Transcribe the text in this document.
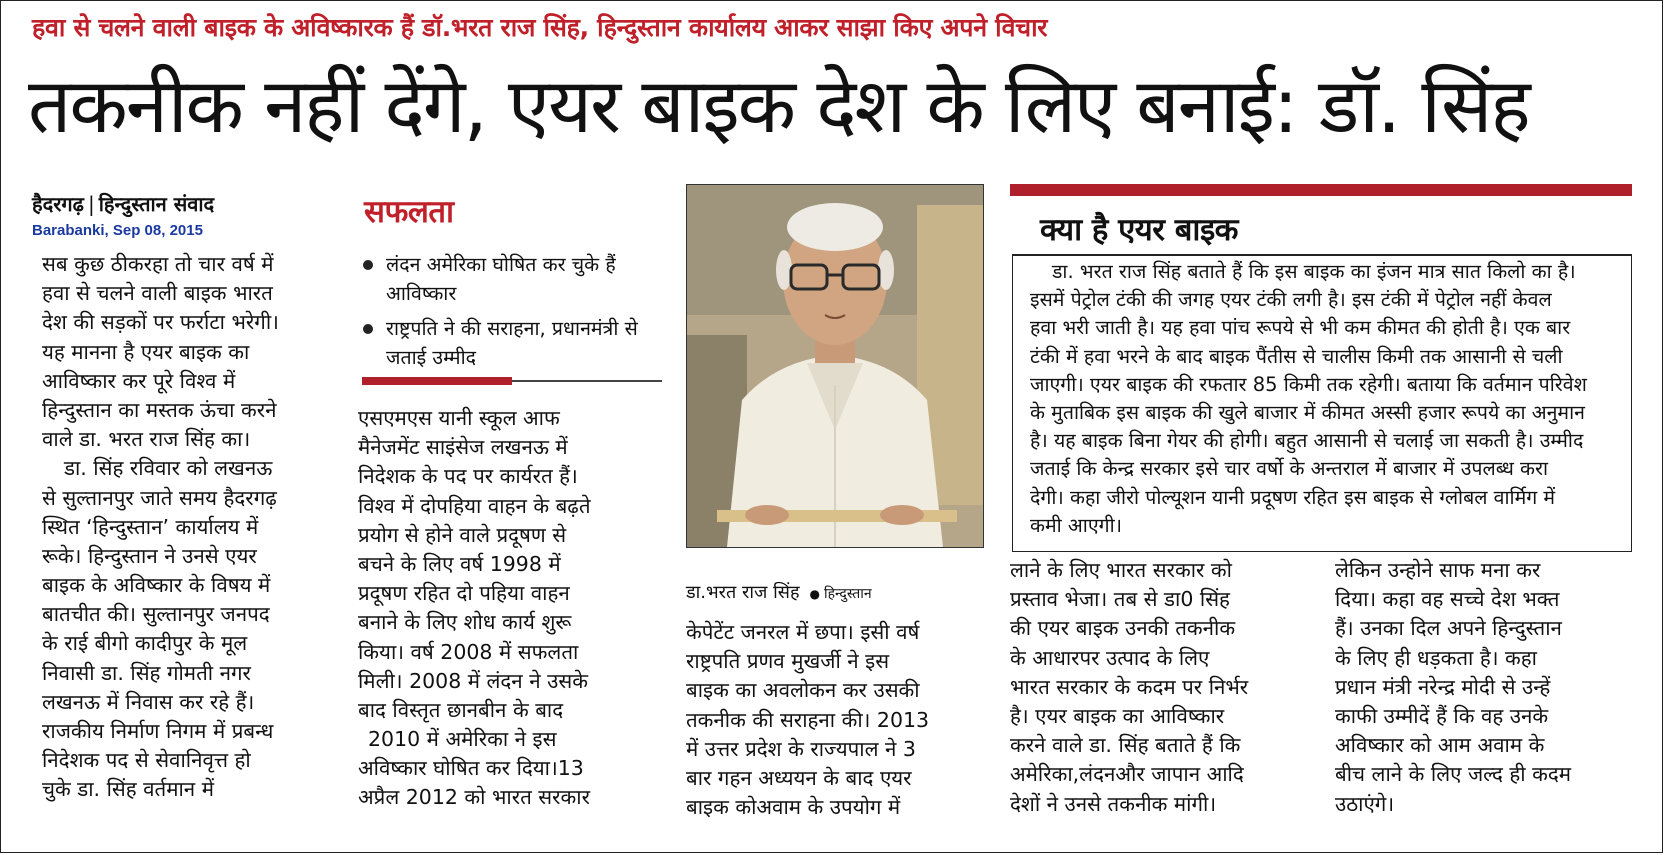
हवा से चलने वाली बाइक के अविष्कारक हैं डॉ.भरत राज सिंह, हिन्दुस्तान कार्यालय आकर साझा किए अपने विचार
तकनीक नहीं देंगे, एयर बाइक देश के लिए बनाई: डॉ. सिंह
हैदरगढ़ | हिन्दुस्तान संवाद
Barabanki, Sep 08, 2015
सब कुछ ठीकरहा तो चार वर्ष में
हवा से चलने वाली बाइक भारत
देश की सड़कों पर फर्राटा भरेगी।
यह मानना है एयर बाइक का
आविष्कार कर पूरे विश्व में
हिन्दुस्तान का मस्तक ऊंचा करने
वाले डा. भरत राज सिंह का।
डा. सिंह रविवार को लखनऊ
से सुल्तानपुर जाते समय हैदरगढ़
स्थित ‘हिन्दुस्तान’ कार्यालय में
रूके। हिन्दुस्तान ने उनसे एयर
बाइक के अविष्कार के विषय में
बातचीत की। सुल्तानपुर जनपद
के राई बीगो कादीपुर के मूल
निवासी डा. सिंह गोमती नगर
लखनऊ में निवास कर रहे हैं।
राजकीय निर्माण निगम में प्रबन्ध
निदेशक पद से सेवानिवृत्त हो
चुके डा. सिंह वर्तमान में
सफलता
लंदन अमेरिका घोषित कर चुके हैं आविष्कार
राष्ट्रपति ने की सराहना, प्रधानमंत्री से जताई उम्मीद
एसएमएस यानी स्कूल आफ
मैनेजमेंट साइंसेज लखनऊ में
निदेशक के पद पर कार्यरत हैं।
विश्व में दोपहिया वाहन के बढ़ते
प्रयोग से होने वाले प्रदूषण से
बचने के लिए वर्ष 1998 में
प्रदूषण रहित दो पहिया वाहन
बनाने के लिए शोध कार्य शुरू
किया। वर्ष 2008 में सफलता
मिली। 2008 में लंदन ने उसके
बाद विस्तृत छानबीन के बाद
2010 में अमेरिका ने इस
अविष्कार घोषित कर दिया।13
अप्रैल 2012 को भारत सरकार
डा.भरत राज सिंह● हिन्दुस्तान
केपेटेंट जनरल में छपा। इसी वर्ष
राष्ट्रपति प्रणव मुखर्जी ने इस
बाइक का अवलोकन कर उसकी
तकनीक की सराहना की। 2013
में उत्तर प्रदेश के राज्यपाल ने 3
बार गहन अध्ययन के बाद एयर
बाइक कोअवाम के उपयोग में
क्या है एयर बाइक
डा. भरत राज सिंह बताते हैं कि इस बाइक का इंजन मात्र सात किलो का है।
इसमें पेट्रोल टंकी की जगह एयर टंकी लगी है। इस टंकी में पेट्रोल नहीं केवल
हवा भरी जाती है। यह हवा पांच रूपये से भी कम कीमत की होती है। एक बार
टंकी में हवा भरने के बाद बाइक पैंतीस से चालीस किमी तक आसानी से चली
जाएगी। एयर बाइक की रफतार 85 किमी तक रहेगी। बताया कि वर्तमान परिवेश
के मुताबिक इस बाइक की खुले बाजार में कीमत अस्सी हजार रूपये का अनुमान
है। यह बाइक बिना गेयर की होगी। बहुत आसानी से चलाई जा सकती है। उम्मीद
जताई कि केन्द्र सरकार इसे चार वर्षो के अन्तराल में बाजार में उपलब्ध करा
देगी। कहा जीरो पोल्यूशन यानी प्रदूषण रहित इस बाइक से ग्लोबल वार्मिग में
कमी आएगी।
लाने के लिए भारत सरकार को
प्रस्ताव भेजा। तब से डा0 सिंह
की एयर बाइक उनकी तकनीक
के आधारपर उत्पाद के लिए
भारत सरकार के कदम पर निर्भर
है। एयर बाइक का आविष्कार
करने वाले डा. सिंह बताते हैं कि
अमेरिका,लंदनऔर जापान आदि
देशों ने उनसे तकनीक मांगी।
लेकिन उन्होने साफ मना कर
दिया। कहा वह सच्चे देश भक्त
हैं। उनका दिल अपने हिन्दुस्तान
के लिए ही धड़कता है। कहा
प्रधान मंत्री नरेन्द्र मोदी से उन्हें
काफी उम्मीदें हैं कि वह उनके
अविष्कार को आम अवाम के
बीच लाने के लिए जल्द ही कदम
उठाएंगे।
